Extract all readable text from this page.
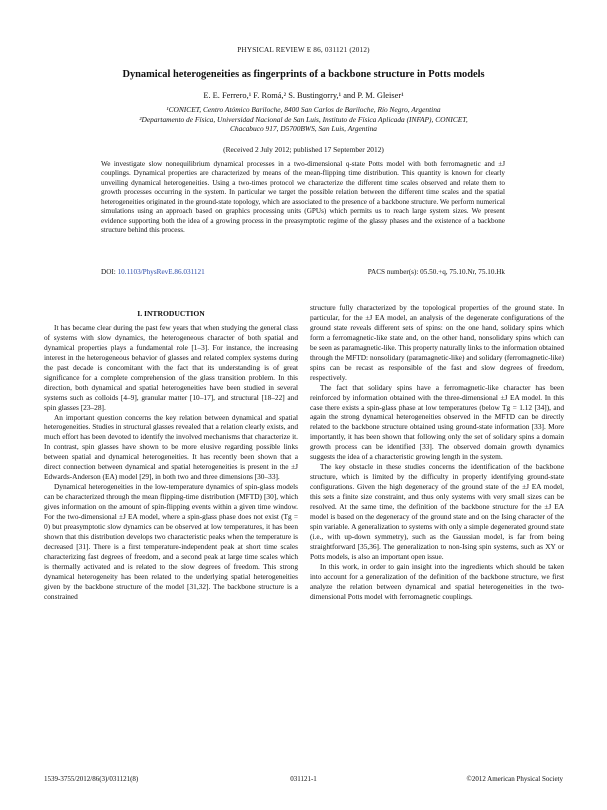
PHYSICAL REVIEW E 86, 031121 (2012)
Dynamical heterogeneities as fingerprints of a backbone structure in Potts models
E. E. Ferrero,¹ F. Romá,² S. Bustingorry,¹ and P. M. Gleiser¹
¹CONICET, Centro Atómico Bariloche, 8400 San Carlos de Bariloche, Río Negro, Argentina
²Departamento de Física, Universidad Nacional de San Luis, Instituto de Física Aplicada (INFAP), CONICET,
Chacabuco 917, D5700BWS, San Luis, Argentina
(Received 2 July 2012; published 17 September 2012)
We investigate slow nonequilibrium dynamical processes in a two-dimensional q-state Potts model with both ferromagnetic and ±J couplings. Dynamical properties are characterized by means of the mean-flipping time distribution. This quantity is known for clearly unveiling dynamical heterogeneities. Using a two-times protocol we characterize the different time scales observed and relate them to growth processes occurring in the system. In particular we target the possible relation between the different time scales and the spatial heterogeneities originated in the ground-state topology, which are associated to the presence of a backbone structure. We perform numerical simulations using an approach based on graphics processing units (GPUs) which permits us to reach large system sizes. We present evidence supporting both the idea of a growing process in the preasymptotic regime of the glassy phases and the existence of a backbone structure behind this process.
DOI: 10.1103/PhysRevE.86.031121	PACS number(s): 05.50.+q, 75.10.Nr, 75.10.Hk
I. INTRODUCTION

It has became clear during the past few years that when studying the general class of systems with slow dynamics, the heterogeneous character of both spatial and dynamical properties plays a fundamental role [1–3]. For instance, the increasing interest in the heterogeneous behavior of glasses and related complex systems during the past decade is concomitant with the fact that its understanding is of great significance for a complete comprehension of the glass transition problem. In this direction, both dynamical and spatial heterogeneities have been studied in several systems such as colloids [4–9], granular matter [10–17], and structural [18–22] and spin glasses [23–28].

An important question concerns the key relation between dynamical and spatial heterogeneities. Studies in structural glasses revealed that a relation clearly exists, and much effort has been devoted to identify the involved mechanisms that characterize it. In contrast, spin glasses have shown to be more elusive regarding possible links between spatial and dynamical heterogeneities. It has recently been shown that a direct connection between dynamical and spatial heterogeneities is present in the ±J Edwards-Anderson (EA) model [29], in both two and three dimensions [30–33].

Dynamical heterogeneities in the low-temperature dynamics of spin-glass models can be characterized through the mean flipping-time distribution (MFTD) [30], which gives information on the amount of spin-flipping events within a given time window. For the two-dimensional ±J EA model, where a spin-glass phase does not exist (Tg = 0) but preasymptotic slow dynamics can be observed at low temperatures, it has been shown that this distribution develops two characteristic peaks when the temperature is decreased [31]. There is a first temperature-independent peak at short time scales characterizing fast degrees of freedom, and a second peak at large time scales which is thermally activated and is related to the slow degrees of freedom. This strong dynamical heterogeneity has been related to the underlying spatial heterogeneities given by the backbone structure of the model [31,32]. The backbone structure is a constrained

structure fully characterized by the topological properties of the ground state. In particular, for the ±J EA model, an analysis of the degenerate configurations of the ground state reveals different sets of spins: on the one hand, solidary spins which form a ferromagnetic-like state and, on the other hand, nonsolidary spins which can be seen as paramagnetic-like. This property naturally links to the information obtained through the MFTD: nonsolidary (paramagnetic-like) and solidary (ferromagnetic-like) spins can be recast as responsible of the fast and slow degrees of freedom, respectively.

The fact that solidary spins have a ferromagnetic-like character has been reinforced by information obtained with the three-dimensional ±J EA model. In this case there exists a spin-glass phase at low temperatures (below Tg = 1.12 [34]), and again the strong dynamical heterogeneities observed in the MFTD can be directly related to the backbone structure obtained using ground-state information [33]. More importantly, it has been shown that following only the set of solidary spins a domain growth process can be identified [33]. The observed domain growth dynamics suggests the idea of a characteristic growing length in the system.

The key obstacle in these studies concerns the identification of the backbone structure, which is limited by the difficulty in properly identifying ground-state configurations. Given the high degeneracy of the ground state of the ±J EA model, this sets a finite size constraint, and thus only systems with very small sizes can be resolved. At the same time, the definition of the backbone structure for the ±J EA model is based on the degeneracy of the ground state and on the Ising character of the spin variable. A generalization to systems with only a simple degenerated ground state (i.e., with up-down symmetry), such as the Gaussian model, is far from being straightforward [35,36]. The generalization to non-Ising spin systems, such as XY or Potts models, is also an important open issue.

In this work, in order to gain insight into the ingredients which should be taken into account for a generalization of the definition of the backbone structure, we first analyze the relation between dynamical and spatial heterogeneities in the two-dimensional Potts model with ferromagnetic couplings.

1539-3755/2012/86(3)/031121(8)	031121-1	©2012 American Physical Society
